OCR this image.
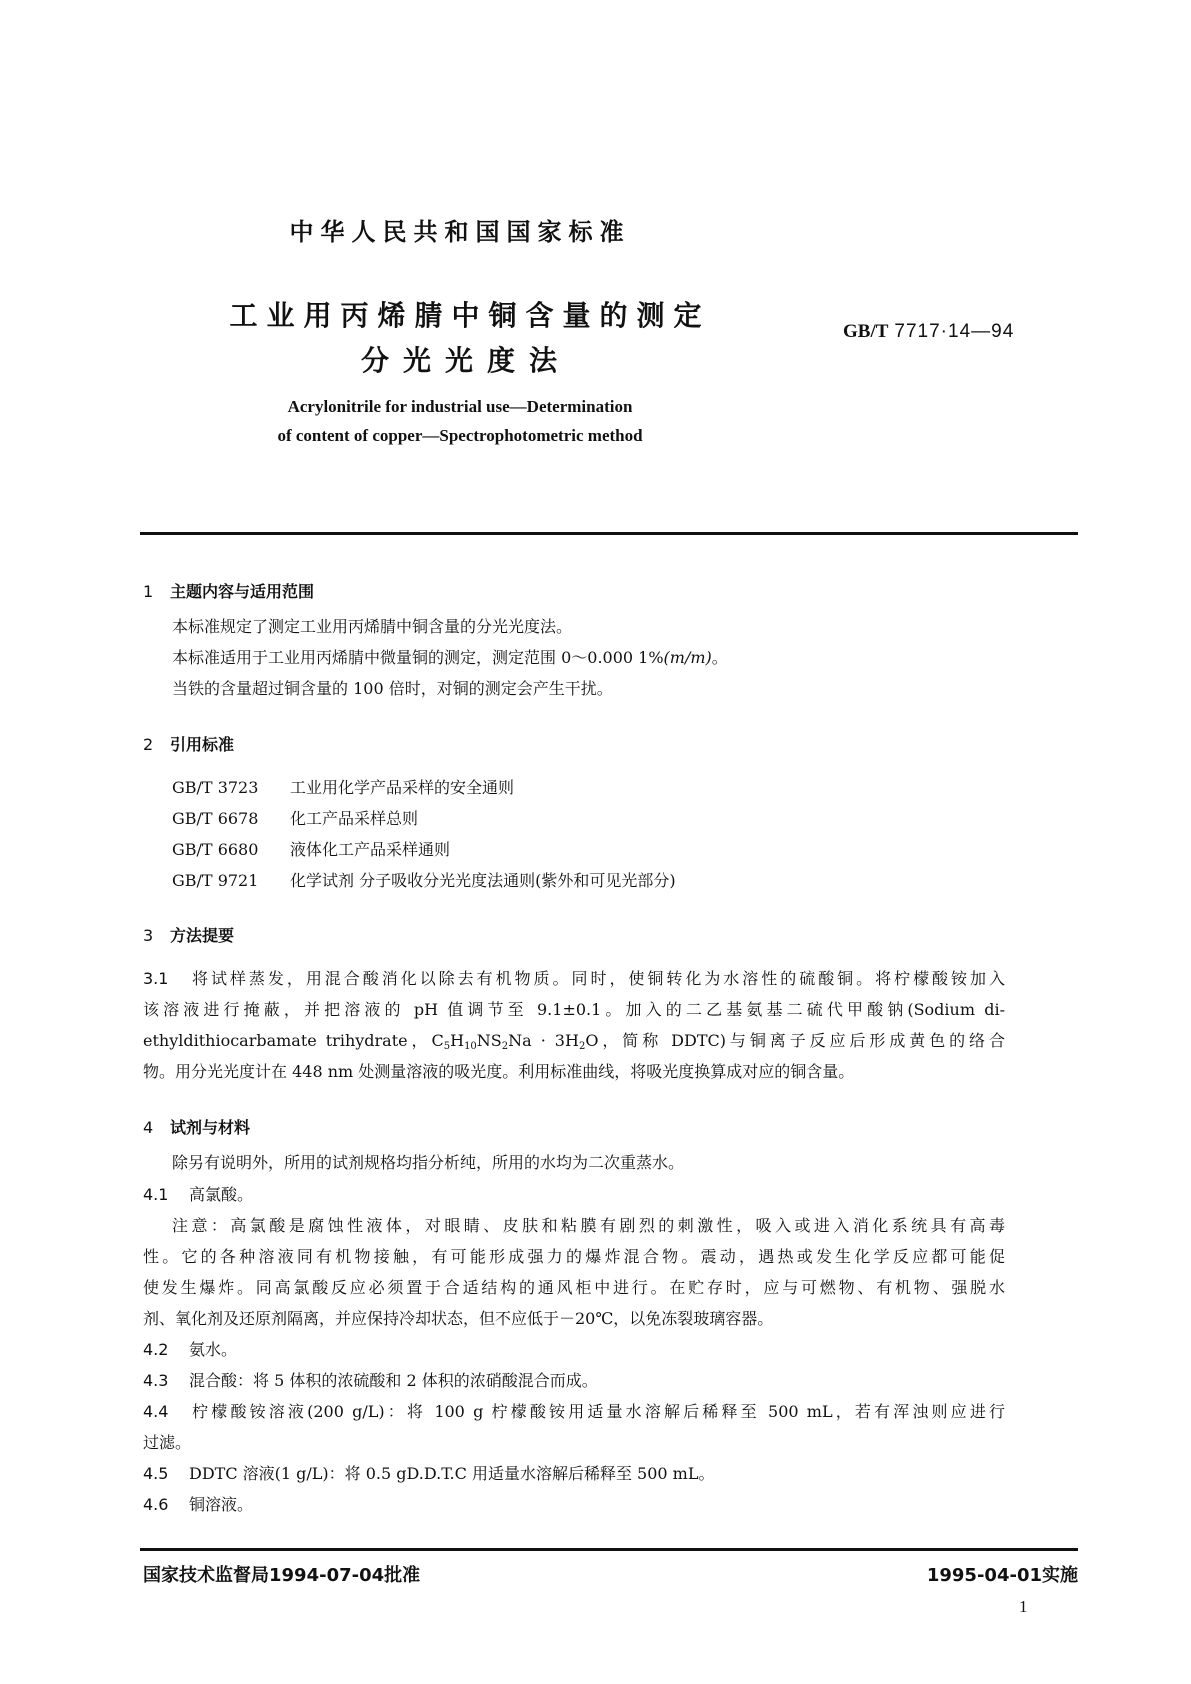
中华人民共和国国家标准
工业用丙烯腈中铜含量的测定
分光光度法
GB/T 7717·14—94
Acrylonitrile for industrial use—Determination
of content of copper—Spectrophotometric method
1 主题内容与适用范围
本标准规定了测定工业用丙烯腈中铜含量的分光光度法。
本标准适用于工业用丙烯腈中微量铜的测定，测定范围 0～0.000 1%(m/m)。
当铁的含量超过铜含量的 100 倍时，对铜的测定会产生干扰。
2 引用标准
GB/T 3723 工业用化学产品采样的安全通则
GB/T 6678 化工产品采样总则
GB/T 6680 液体化工产品采样通则
GB/T 9721 化学试剂 分子吸收分光光度法通则(紫外和可见光部分)
3 方法提要
3.1 将试样蒸发，用混合酸消化以除去有机物质。同时，使铜转化为水溶性的硫酸铜。将柠檬酸铵加入
该溶液进行掩蔽，并把溶液的 pH 值调节至 9.1±0.1。加入的二乙基氨基二硫代甲酸钠(Sodium di-
ethyldithiocarbamate trihydrate，$C_5H_{10}NS_2Na \cdot 3H_2O$，简称 DDTC)与铜离子反应后形成黄色的络合
物。用分光光度计在 448 nm 处测量溶液的吸光度。利用标准曲线，将吸光度换算成对应的铜含量。
4 试剂与材料
除另有说明外，所用的试剂规格均指分析纯，所用的水均为二次重蒸水。
4.1 高氯酸。
注意：高氯酸是腐蚀性液体，对眼睛、皮肤和粘膜有剧烈的刺激性，吸入或进入消化系统具有高毒
性。它的各种溶液同有机物接触，有可能形成强力的爆炸混合物。震动，遇热或发生化学反应都可能促
使发生爆炸。同高氯酸反应必须置于合适结构的通风柜中进行。在贮存时，应与可燃物、有机物、强脱水
剂、氧化剂及还原剂隔离，并应保持冷却状态，但不应低于－20℃，以免冻裂玻璃容器。
4.2 氨水。
4.3 混合酸：将 5 体积的浓硫酸和 2 体积的浓硝酸混合而成。
4.4 柠檬酸铵溶液(200 g/L)：将 100 g 柠檬酸铵用适量水溶解后稀释至 500 mL，若有浑浊则应进行
过滤。
4.5 DDTC 溶液(1 g/L)：将 0.5 gD.D.T.C 用适量水溶解后稀释至 500 mL。
4.6 铜溶液。
国家技术监督局1994-07-04批准	1995-04-01实施
1
